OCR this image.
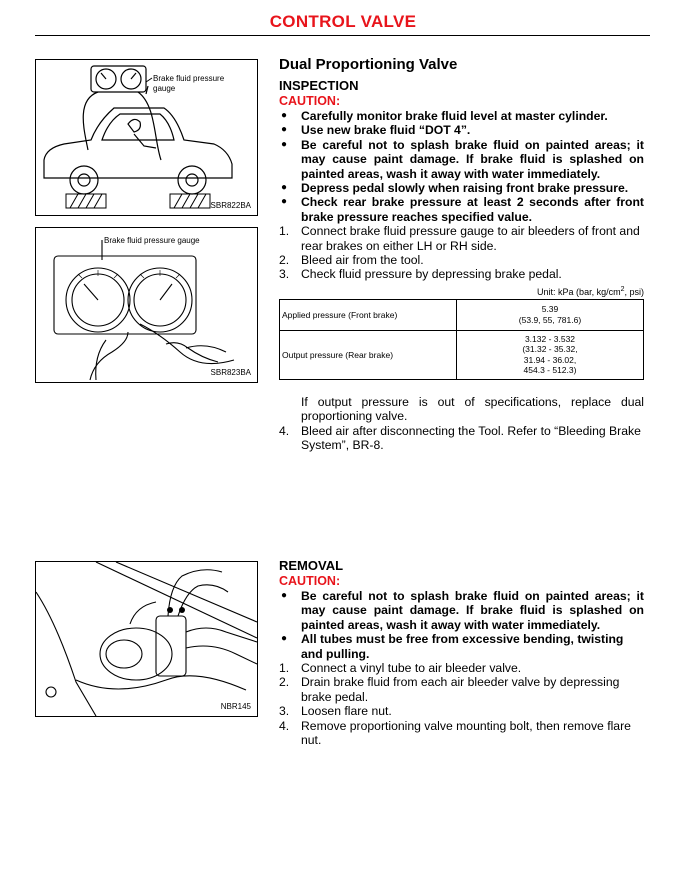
CONTROL VALVE
Brake fluid pressure
gauge
SBR822BA
Brake fluid pressure gauge
SBR823BA
NBR145
Dual Proportioning Valve
INSPECTION
CAUTION:
● Carefully monitor brake fluid level at master cylinder.
● Use new brake fluid “DOT 4”.
● Be careful not to splash brake fluid on painted areas; it may cause paint damage. If brake fluid is splashed on painted areas, wash it away with water immediately.
● Depress pedal slowly when raising front brake pressure.
● Check rear brake pressure at least 2 seconds after front brake pressure reaches specified value.
1. Connect brake fluid pressure gauge to air bleeders of front and rear brakes on either LH or RH side.
2. Bleed air from the tool.
3. Check fluid pressure by depressing brake pedal.
Unit: kPa (bar, $kg/cm^2$, psi)
Applied pressure (Front brake)	5.39
(53.9, 55, 781.6)

Output pressure (Rear brake)	3.132 - 3.532
(31.32 - 35.32,
31.94 - 36.02,
454.3 - 512.3)
If output pressure is out of specifications, replace dual proportioning valve.
4. Bleed air after disconnecting the Tool. Refer to “Bleeding Brake System”, BR-8.
REMOVAL
CAUTION:
● Be careful not to splash brake fluid on painted areas; it may cause paint damage. If brake fluid is splashed on painted areas, wash it away with water immediately.
● All tubes must be free from excessive bending, twisting and pulling.
1. Connect a vinyl tube to air bleeder valve.
2. Drain brake fluid from each air bleeder valve by depressing brake pedal.
3. Loosen flare nut.
4. Remove proportioning valve mounting bolt, then remove flare nut.
